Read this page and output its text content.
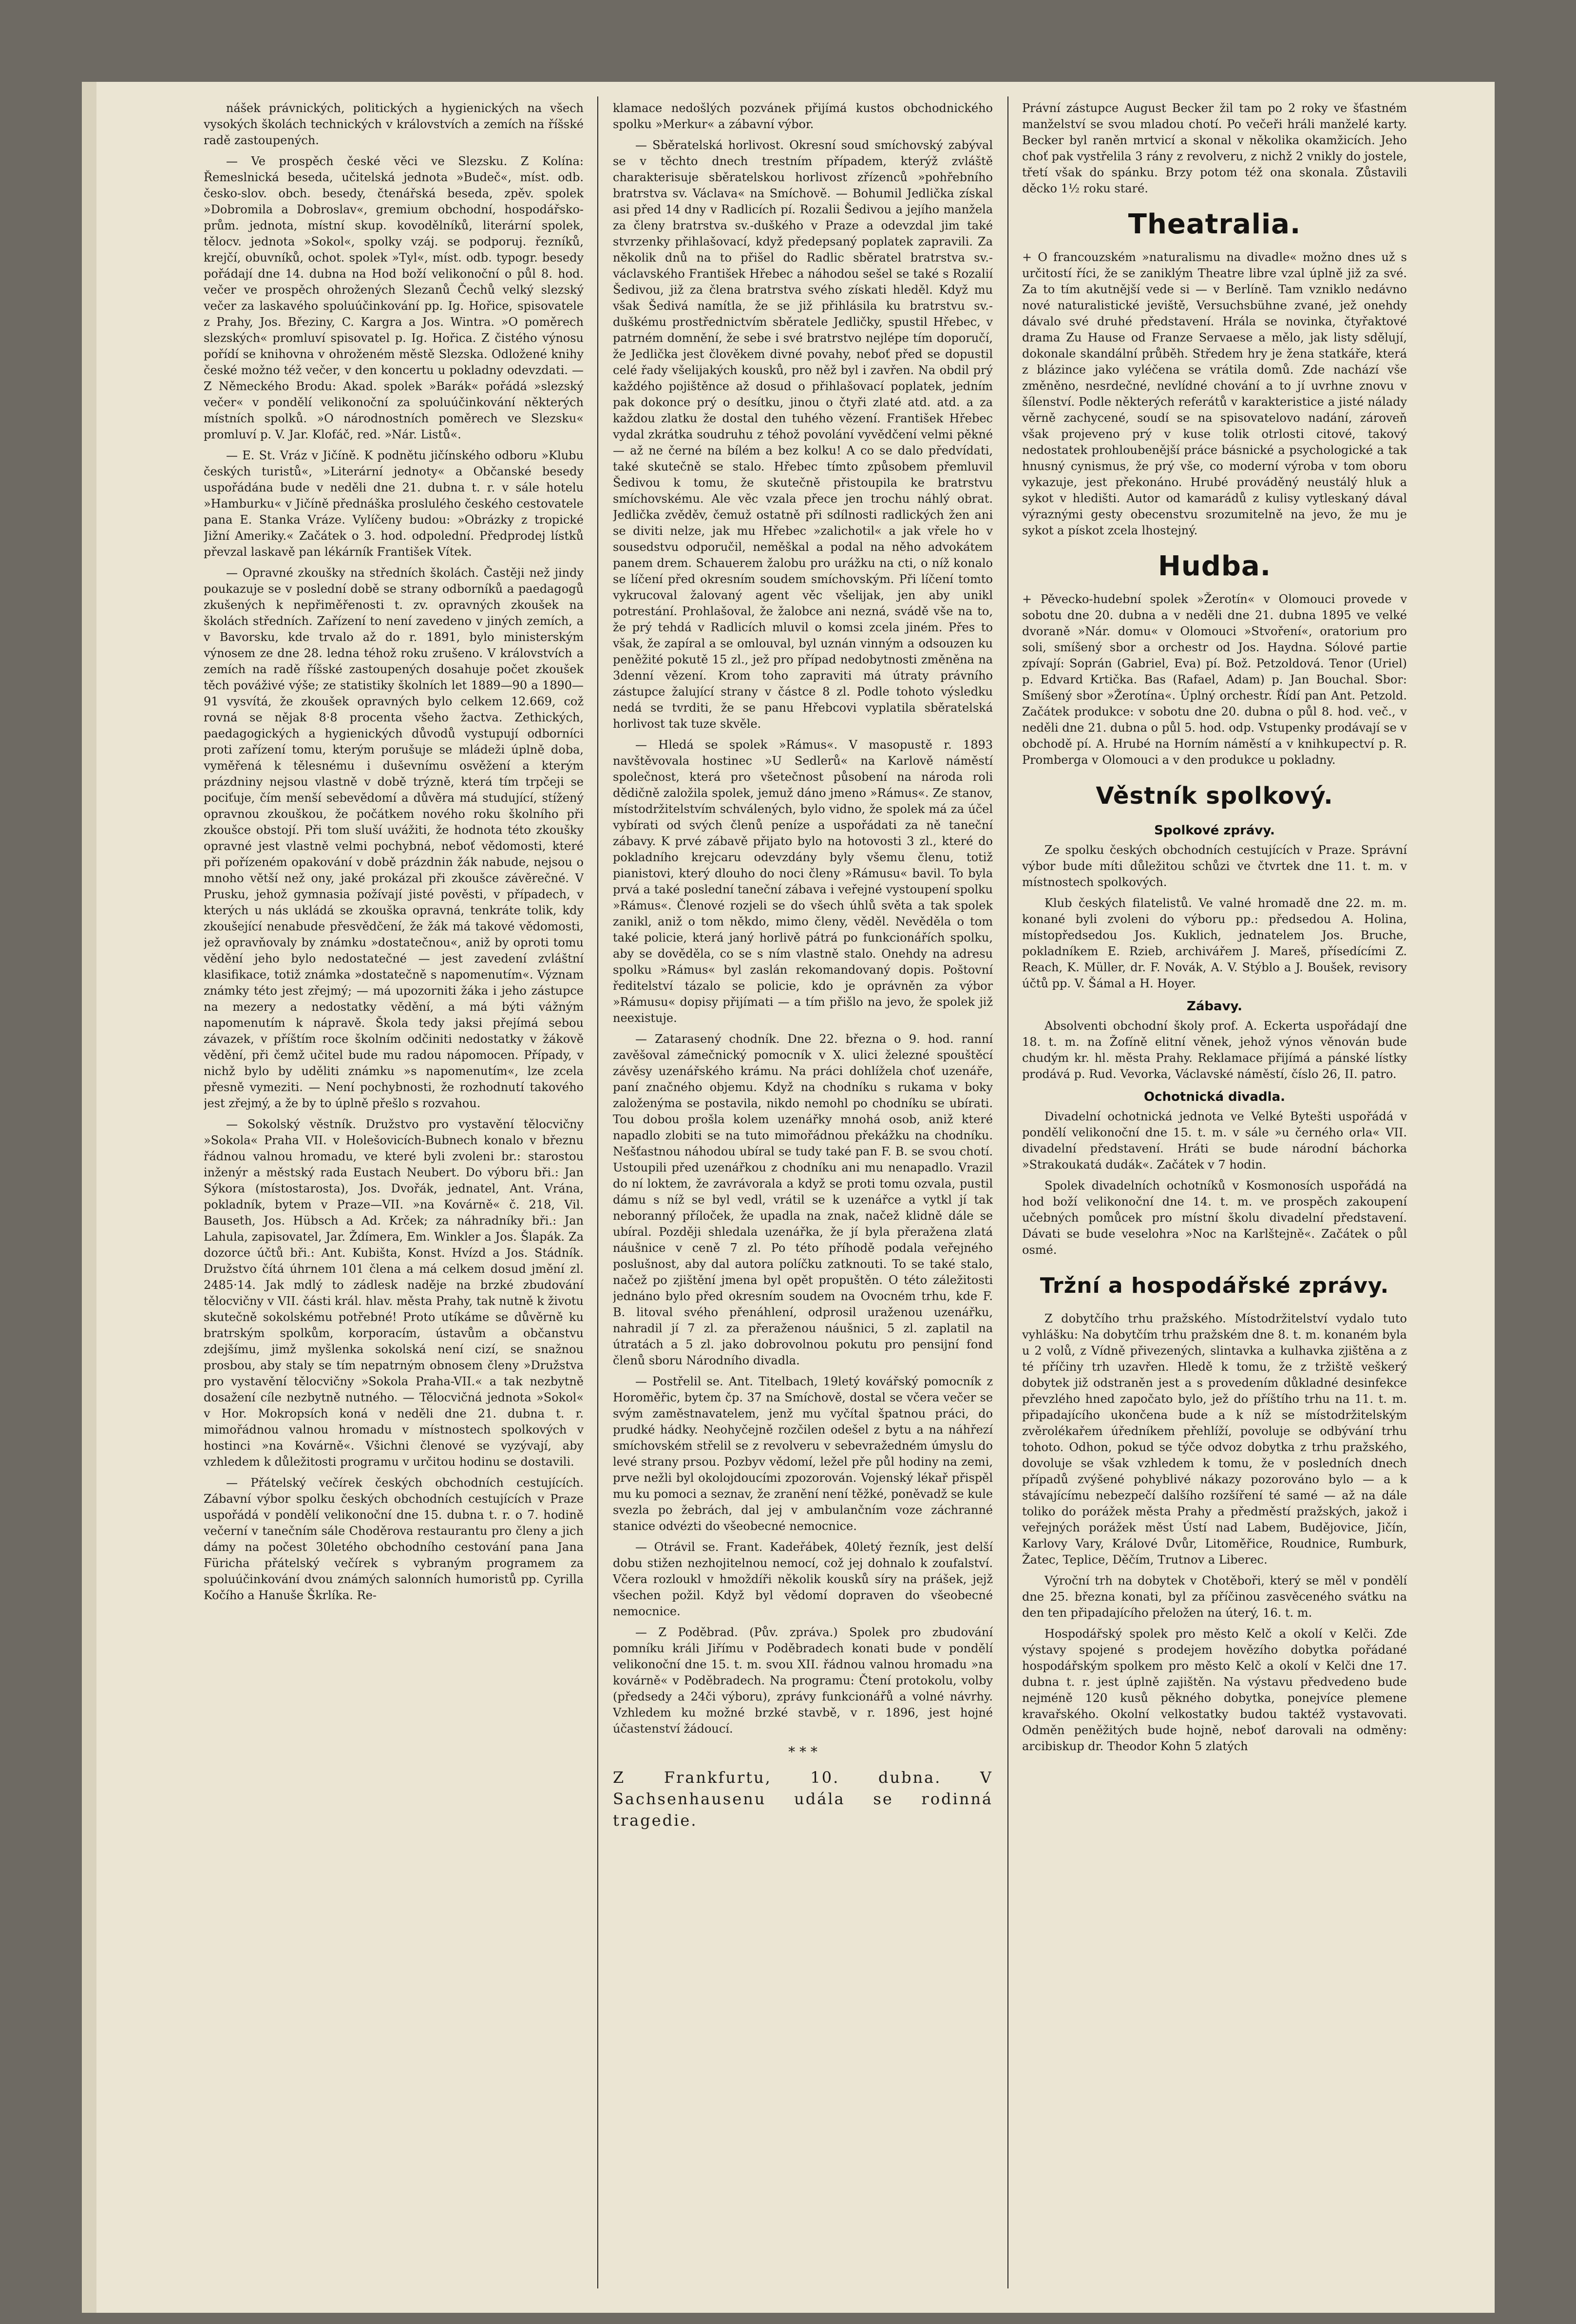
nášek právnických, politických a hygienických na všech vysokých školách technických v královstvích a zemích na říšské radě zastoupených.

— Ve prospěch české věci ve Slezsku. Z Kolína: Řemeslnická beseda, učitelská jednota »Budeč«, míst. odb. česko-slov. obch. besedy, čtenářská beseda, zpěv. spolek »Dobromila a Dobroslav«, gremium obchodní, hospodářsko-prům. jednota, místní skup. kovodělníků, literární spolek, tělocv. jednota »Sokol«, spolky vzáj. se podporuj. řezníků, krejčí, obuvníků, ochot. spolek »Tyl«, míst. odb. typogr. besedy pořádají dne 14. dubna na Hod boží velikonoční o půl 8. hod. večer ve prospěch ohrožených Slezanů Čechů velký slezský večer za laskavého spoluúčinkování pp. Ig. Hořice, spisovatele z Prahy, Jos. Březiny, C. Kargra a Jos. Wintra. »O poměrech slezských« promluví spisovatel p. Ig. Hořica. Z čistého výnosu pořídí se knihovna v ohroženém městě Slezska. Odložené knihy české možno též večer, v den koncertu u pokladny odevzdati. — Z Německého Brodu: Akad. spolek »Barák« pořádá »slezský večer« v pondělí velikonoční za spoluúčinkování některých místních spolků. »O národnostních poměrech ve Slezsku« promluví p. V. Jar. Klofáč, red. »Nár. Listů«.

— E. St. Vráz v Jičíně. K podnětu jičínského odboru »Klubu českých turistů«, »Literární jednoty« a Občanské besedy uspořádána bude v neděli dne 21. dubna t. r. v sále hotelu »Hamburku« v Jičíně přednáška proslulého českého cestovatele pana E. Stanka Vráze. Vylíčeny budou: »Obrázky z tropické Jižní Ameriky.« Začátek o 3. hod. odpolední. Předprodej lístků převzal laskavě pan lékárník František Vítek.

— Opravné zkoušky na středních školách. Častěji než jindy poukazuje se v poslední době se strany odborníků a paedagogů zkušených k nepřiměřenosti t. zv. opravných zkoušek na školách středních. Zařízení to není zavedeno v jiných zemích, a v Bavorsku, kde trvalo až do r. 1891, bylo ministerským výnosem ze dne 28. ledna téhož roku zrušeno. V královstvích a zemích na radě říšské zastoupených dosahuje počet zkoušek těch pováživé výše; ze statistiky školních let 1889—90 a 1890—91 vysvítá, že zkoušek opravných bylo celkem 12.669, což rovná se nějak 8·8 procenta všeho žactva. Zethických, paedagogických a hygienických důvodů vystupují odborníci proti zařízení tomu, kterým porušuje se mládeži úplně doba, vyměřená k tělesnému i duševnímu osvěžení a kterým prázdniny nejsou vlastně v době trýzně, která tím trpčeji se pociťuje, čím menší sebevědomí a důvěra má studující, stížený opravnou zkouškou, že počátkem nového roku školního při zkoušce obstojí. Při tom sluší uvážiti, že hodnota této zkoušky opravné jest vlastně velmi pochybná, neboť vědomosti, které při pořízeném opakování v době prázdnin žák nabude, nejsou o mnoho větší než ony, jaké prokázal při zkoušce závěrečné. V Prusku, jehož gymnasia požívají jisté pověsti, v případech, v kterých u nás ukládá se zkouška opravná, tenkráte tolik, kdy zkoušející nenabude přesvědčení, že žák má takové vědomosti, jež opravňovaly by známku »dostatečnou«, aniž by oproti tomu vědění jeho bylo nedostatečné — jest zavedení zvláštní klasifikace, totiž známka »dostatečně s napomenutím«. Význam známky této jest zřejmý; — má upozorniti žáka i jeho zástupce na mezery a nedostatky vědění, a má býti vážným napomenutím k nápravě. Škola tedy jaksi přejímá sebou závazek, v příštím roce školním odčiniti nedostatky v žákově vědění, při čemž učitel bude mu radou nápomocen. Případy, v nichž bylo by uděliti známku »s napomenutím«, lze zcela přesně vymeziti. — Není pochybnosti, že rozhodnutí takového jest zřejmý, a že by to úplně přešlo s rozvahou.

— Sokolský věstník. Družstvo pro vystavění tělocvičny »Sokola« Praha VII. v Holešovicích-Bubnech konalo v březnu řádnou valnou hromadu, ve které byli zvoleni br.: starostou inženýr a městský rada Eustach Neubert. Do výboru bři.: Jan Sýkora (místostarosta), Jos. Dvořák, jednatel, Ant. Vrána, pokladník, bytem v Praze—VII. »na Kovárně« č. 218, Vil. Bauseth, Jos. Hübsch a Ad. Krček; za náhradníky bři.: Jan Lahula, zapisovatel, Jar. Ždímera, Em. Winkler a Jos. Šlapák. Za dozorce účtů bři.: Ant. Kubišta, Konst. Hvízd a Jos. Stádník. Družstvo čítá úhrnem 101 člena a má celkem dosud jmění zl. 2485·14. Jak mdlý to zádlesk naděje na brzké zbudování tělocvičny v VII. části král. hlav. města Prahy, tak nutně k životu skutečně sokolskému potřebné! Proto utíkáme se důvěrně ku bratrským spolkům, korporacím, ústavům a občanstvu zdejšímu, jimž myšlenka sokolská není cizí, se snažnou prosbou, aby staly se tím nepatrným obnosem členy »Družstva pro vystavění tělocvičny »Sokola Praha-VII.« a tak nezbytně dosažení cíle nezbytně nutného. — Tělocvičná jednota »Sokol« v Hor. Mokropsích koná v neděli dne 21. dubna t. r. mimořádnou valnou hromadu v místnostech spolkových v hostinci »na Kovárně«. Všichni členové se vyzývají, aby vzhledem k důležitosti programu v určitou hodinu se dostavili.

— Přátelský večírek českých obchodních cestujících. Zábavní výbor spolku českých obchodních cestujících v Praze uspořádá v pondělí velikonoční dne 15. dubna t. r. o 7. hodině večerní v tanečním sále Choděrova restaurantu pro členy a jich dámy na počest 30letého obchodního cestování pana Jana Fürichа přátelský večírek s vybraným programem za spoluúčinkování dvou známých salonních humoristů pp. Cyrilla Kočího a Hanuše Škrlíka. Re-

klamace nedošlých pozvánek přijímá kustos obchodnického spolku »Merkur« a zábavní výbor.

— Sběratelská horlivost. Okresní soud smíchovský zabýval se v těchto dnech trestním případem, kterýž zvláště charakterisuje sběratelskou horlivost zřízenců »pohřebního bratrstva sv. Václava« na Smíchově. — Bohumil Jedlička získal asi před 14 dny v Radlicích pí. Rozalii Šedivou a jejího manžela za členy bratrstva sv.-duškého v Praze a odevzdal jim také stvrzenky přihlašovací, když předepsaný poplatek zapravili. Za několik dnů na to přišel do Radlic sběratel bratrstva sv.-václavského František Hřebec a náhodou sešel se také s Rozalií Šedivou, již za člena bratrstva svého získati hleděl. Když mu však Šedivá namítla, že se již přihlásila ku bratrstvu sv.-duškému prostřednictvím sběratele Jedličky, spustil Hřebec, v patrném domnění, že sebe i své bratrstvo nejlépe tím doporučí, že Jedlička jest člověkem divné povahy, neboť před se dopustil celé řady všelijakých kousků, pro něž byl i zavřen. Na obdil prý každého pojištěnce až dosud o přihlašovací poplatek, jedním pak dokonce prý o desítku, jinou o čtyři zlaté atd. atd. a za každou zlatku že dostal den tuhého vězení. František Hřebec vydal zkrátka soudruhu z téhož povolání vyvědčení velmi pěkné — až ne černé na bílém a bez kolku! A co se dalo předvídati, také skutečně se stalo. Hřebec tímto způsobem přemluvil Šedivou k tomu, že skutečně přistoupila ke bratrstvu smíchovskému. Ale věc vzala přece jen trochu náhlý obrat. Jedlička zvěděv, čemuž ostatně při sdílnosti radlických žen ani se diviti nelze, jak mu Hřebec »zalichotil« a jak vřele ho v sousedstvu odporučil, neměškal a podal na něho advokátem panem drem. Schauerem žalobu pro urážku na cti, o níž konalo se líčení před okresním soudem smíchovským. Při líčení tomto vykrucoval žalovaný agent věc všelijak, jen aby unikl potrestání. Prohlašoval, že žalobce ani nezná, svádě vše na to, že prý tehdá v Radlicích mluvil o komsi zcela jiném. Přes to však, že zapíral a se omlouval, byl uznán vinným a odsouzen ku peněžité pokutě 15 zl., jež pro případ nedobytnosti změněna na 3denní vězení. Krom toho zapraviti má útraty právního zástupce žalující strany v částce 8 zl. Podle tohoto výsledku nedá se tvrditi, že se panu Hřebcovi vyplatila sběratelská horlivost tak tuze skvěle.

— Hledá se spolek »Rámus«. V masopustě r. 1893 navštěvovala hostinec »U Sedlerů« na Karlově náměstí společnost, která pro všetečnost působení na národa roli dědičně založila spolek, jemuž dáno jmeno »Rámus«. Ze stanov, místodržitelstvím schválených, bylo vidno, že spolek má za účel vybírati od svých členů peníze a uspořádati za ně taneční zábavy. K prvé zábavě přijato bylo na hotovosti 3 zl., které do pokladního krejcaru odevzdány byly všemu členu, totiž pianistovi, který dlouho do noci členy »Rámusu« bavil. To byla prvá a také poslední taneční zábava i veřejné vystoupení spolku »Rámus«. Členové rozjeli se do všech úhlů světa a tak spolek zanikl, aniž o tom někdo, mimo členy, věděl. Nevěděla o tom také policie, která janý horlivě pátrá po funkcionářích spolku, aby se dověděla, co se s ním vlastně stalo. Onehdy na adresu spolku »Rámus« byl zaslán rekomandovaný dopis. Poštovní ředitelství tázalo se policie, kdo je oprávněn za výbor »Rámusu« dopisy přijímati — a tím přišlo na jevo, že spolek již neexistuje.

— Zatarasený chodník. Dne 22. března o 9. hod. ranní zavěšoval zámečnický pomocník v X. ulici železné spouštěcí závěsy uzenářského krámu. Na práci dohlížela choť uzenáře, paní značného objemu. Když na chodníku s rukama v boky založenýma se postavila, nikdo nemohl po chodníku se ubírati. Tou dobou prošla kolem uzenářky mnohá osob, aniž které napadlo zlobiti se na tuto mimořádnou překážku na chodníku. Nešťastnou náhodou ubíral se tudy také pan F. B. se svou chotí. Ustoupili před uzenářkou z chodníku ani mu nenapadlo. Vrazil do ní loktem, že zavrávorala a když se proti tomu ozvala, pustil dámu s níž se byl vedl, vrátil se k uzenářce a vytkl jí tak neboranný příloček, že upadla na znak, načež klidně dále se ubíral. Později shledala uzenářka, že jí byla přeražena zlatá náušnice v ceně 7 zl. Po této příhodě podala veřejného poslušnost, aby dal autora políčku zatknouti. To se také stalo, načež po zjištění jmena byl opět propuštěn. O této záležitosti jednáno bylo před okresním soudem na Ovocném trhu, kde F. B. litoval svého přenáhlení, odprosil uraženou uzenářku, nahradil jí 7 zl. za přeraženou náušnici, 5 zl. zaplatil na útratách a 5 zl. jako dobrovolnou pokutu pro pensijní fond členů sboru Národního divadla.

— Postřelil se. Ant. Titelbach, 19letý kovářský pomocník z Horoměřic, bytem čp. 37 na Smíchově, dostal se včera večer se svým zaměstnavatelem, jenž mu vyčítal špatnou práci, do prudké hádky. Neohyčejně rozčilen odešel z bytu a na náhřezí smíchovském střelil se z revolveru v sebevražedném úmyslu do levé strany prsou. Pozbyv vědomí, ležel pře půl hodiny na zemi, prve nežli byl okolojdoucími zpozorován. Vojenský lékař přispěl mu ku pomoci a seznav, že zranění není těžké, poněvadž se kule svezla po žebrách, dal jej v ambulančním voze záchranné stanice odvézti do všeobecné nemocnice.

— Otrávil se. Frant. Kadeřábek, 40letý řezník, jest delší dobu stižen nezhojitelnou nemocí, což jej dohnalo k zoufalství. Včera rozloukl v hmoždíři několik kousků síry na prášek, jejž všechen požil. Když byl vědomí dopraven do všeobecné nemocnice.

— Z Poděbrad. (Pův. zpráva.) Spolek pro zbudování pomníku králi Jiřímu v Poděbradech konati bude v pondělí velikonoční dne 15. t. m. svou XII. řádnou valnou hromadu »na kovárně« v Poděbradech. Na programu: Čtení protokolu, volby (předsedy a 24či výboru), zprávy funkcionářů a volné návrhy. Vzhledem ku možné brzké stavbě, v r. 1896, jest hojné účastenství žádoucí.

* * *
Z Frankfurtu, 10. dubna. V Sachsenhausenu udála se rodinná tragedie.

Právní zástupce August Becker žil tam po 2 roky ve šťastném manželství se svou mladou chotí. Po večeři hráli manželé karty. Becker byl raněn mrtvicí a skonal v několika okamžicích. Jeho choť pak vystřelila 3 rány z revolveru, z nichž 2 vnikly do jostele, třetí však do spánku. Brzy potom též ona skonala. Zůstavili děcko 1½ roku staré.

Theatralia.

+ O francouzském »naturalismu na divadle« možno dnes už s určitostí říci, že se zaniklým Theatre libre vzal úplně již za své. Za to tím akutnější vede si — v Berlíně. Tam vzniklo nedávno nové naturalistické jeviště, Versuchsbühne zvané, jež onehdy dávalo své druhé představení. Hrála se novinka, čtyřaktové drama Zu Hause od Franze Servaese a mělo, jak listy sdělují, dokonale skandální průběh. Středem hry je žena statkáře, která z blázince jako vyléčena se vrátila domů. Zde nachází vše změněno, nesrdečné, nevlídné chování a to jí uvrhne znovu v šílenství. Podle některých referátů v karakteristice a jisté nálady věrně zachycené, soudí se na spisovatelovo nadání, zároveň však projeveno prý v kuse tolik otrlosti citové, takový nedostatek prohloubenější práce básnické a psychologické a tak hnusný cynismus, že prý vše, co moderní výroba v tom oboru vykazuje, jest překonáno. Hrubé prováděný neustálý hluk a sykot v hledišti. Autor od kamarádů z kulisy vytleskaný dával výraznými gesty obecenstvu srozumitelně na jevo, že mu je sykot a pískot zcela lhostejný.

Hudba.

+ Pěvecko-hudební spolek »Žerotín« v Olomouci provede v sobotu dne 20. dubna a v neděli dne 21. dubna 1895 ve velké dvoraně »Nár. domu« v Olomouci »Stvoření«, oratorium pro soli, smíšený sbor a orchestr od Jos. Haydna. Sólové partie zpívají: Soprán (Gabriel, Eva) pí. Bož. Petzoldová. Tenor (Uriel) p. Edvard Krtička. Bas (Rafael, Adam) p. Jan Bouchal. Sbor: Smíšený sbor »Žerotína«. Úplný orchestr. Řídí pan Ant. Petzold. Začátek produkce: v sobotu dne 20. dubna o půl 8. hod. več., v neděli dne 21. dubna o půl 5. hod. odp. Vstupenky prodávají se v obchodě pí. A. Hrubé na Horním náměstí a v knihkupectví p. R. Promberga v Olomouci a v den produkce u pokladny.

Věstník spolkový.
Spolkové zprávy.

Ze spolku českých obchodních cestujících v Praze. Správní výbor bude míti důležitou schůzi ve čtvrtek dne 11. t. m. v místnostech spolkových.

Klub českých filatelistů. Ve valné hromadě dne 22. m. m. konané byli zvoleni do výboru pp.: předsedou A. Holina, místopředsedou Jos. Kuklich, jednatelem Jos. Bruche, pokladníkem E. Rzieb, archivářem J. Mareš, přísedícími Z. Reach, K. Müller, dr. F. Novák, A. V. Stýblo a J. Boušek, revisory účtů pp. V. Šámal a H. Hoyer.

Zábavy.

Absolventi obchodní školy prof. A. Eckerta uspořádají dne 18. t. m. na Žofíně elitní věnek, jehož výnos věnován bude chudým kr. hl. města Prahy. Reklamace přijímá a pánské lístky prodává p. Rud. Vevorka, Václavské náměstí, číslo 26, II. patro.

Ochotnická divadla.

Divadelní ochotnická jednota ve Velké Bytešti uspořádá v pondělí velikonoční dne 15. t. m. v sále »u černého orla« VII. divadelní představení. Hráti se bude národní báchorka »Strakoukatá dudák«. Začátek v 7 hodin.

Spolek divadelních ochotníků v Kosmonosích uspořádá na hod boží velikonoční dne 14. t. m. ve prospěch zakoupení učebných pomůcek pro místní školu divadelní představení. Dávati se bude veselohra »Noc na Karlštejně«. Začátek o půl osmé.

Tržní a hospodářské zprávy.

Z dobytčího trhu pražského. Místodržitelství vydalo tuto vyhlášku: Na dobytčím trhu pražském dne 8. t. m. konaném byla u 2 volů, z Vídně přivezených, slintavka a kulhavka zjištěna a z té příčiny trh uzavřen. Hledě k tomu, že z tržiště veškerý dobytek již odstraněn jest a s provedením důkladné desinfekce převzlého hned započato bylo, jež do příštího trhu na 11. t. m. připadajícího ukončena bude a k níž se místodržitelským zvěrolékařem úředníkem přehlíží, povoluje se odbývání trhu tohoto. Odhon, pokud se týče odvoz dobytka z trhu pražského, dovoluje se však vzhledem k tomu, že v posledních dnech případů zvýšené pohyblivé nákazy pozorováno bylo — a k stávajícímu nebezpečí dalšího rozšíření té samé — až na dále toliko do porážek města Prahy a předměstí pražských, jakož i veřejných porážek měst Ústí nad Labem, Budějovice, Jičín, Karlovy Vary, Králové Dvůr, Litoměřice, Roudnice, Rumburk, Žatec, Teplice, Děčím, Trutnov a Liberec.

Výroční trh na dobytek v Chotěboři, který se měl v pondělí dne 25. března konati, byl za příčinou zasvěceného svátku na den ten připadajícího přeložen na úterý, 16. t. m.

Hospodářský spolek pro město Kelč a okolí v Kelči. Zde výstavy spojené s prodejem hovězího dobytka pořádané hospodářským spolkem pro město Kelč a okolí v Kelči dne 17. dubna t. r. jest úplně zajištěn. Na výstavu předvedeno bude nejméně 120 kusů pěkného dobytka, ponejvíce plemene kravařského. Okolní velkostatky budou taktéž vystavovati. Odměn peněžitých bude hojně, neboť darovali na odměny: arcibiskup dr. Theodor Kohn 5 zlatých
